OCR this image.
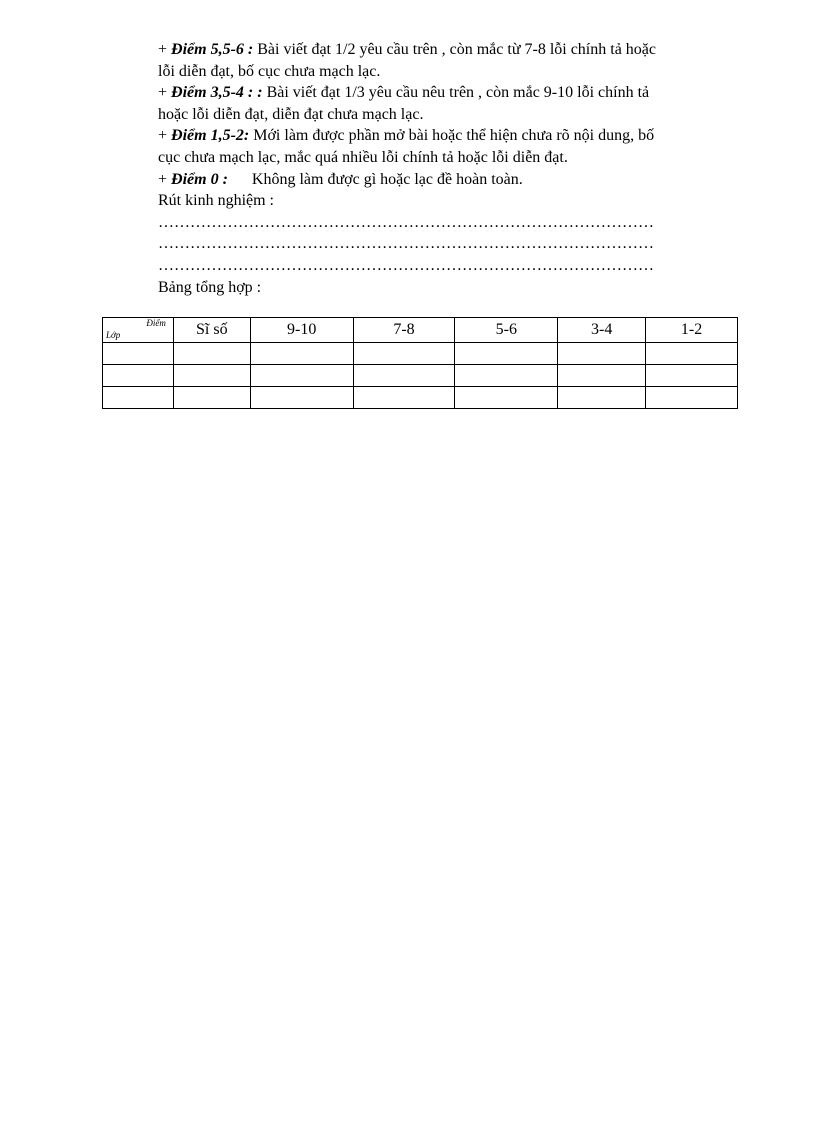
+ Điểm 5,5-6 : Bài viết đạt 1/2 yêu cầu trên , còn mắc từ 7-8 lỗi chính tả hoặc
lỗi diễn đạt, bố cục chưa mạch lạc.
+ Điểm 3,5-4 : : Bài viết đạt 1/3 yêu cầu nêu trên , còn mắc 9-10 lỗi chính tả
hoặc lỗi diễn đạt, diễn đạt chưa mạch lạc.
+ Điểm 1,5-2: Mới làm được phần mở bài hoặc thể hiện chưa rõ nội dung, bố
cục chưa mạch lạc, mắc quá nhiều lỗi chính tả hoặc lỗi diễn đạt.
+ Điểm 0 : Không làm được gì hoặc lạc đề hoàn toàn.
Rút kinh nghiệm :
…………………………………………………………………………………
…………………………………………………………………………………
…………………………………………………………………………………
Bảng tổng hợp :
Điểm
Lớp	Sĩ số	9-10	7-8	5-6	3-4	1-2
